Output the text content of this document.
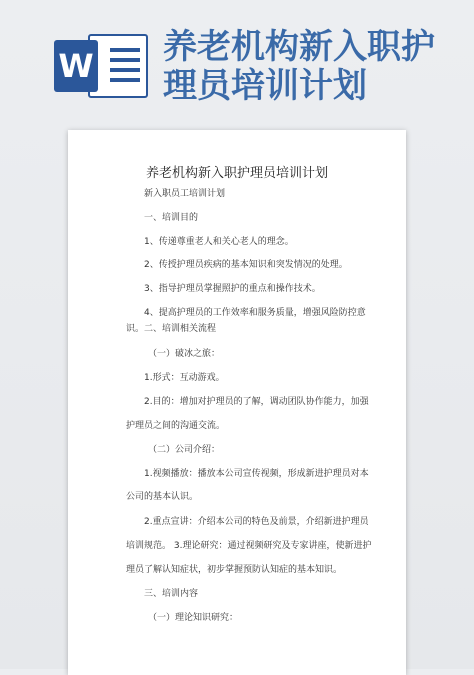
W 养老机构新入职护
理员培训计划
养老机构新入职护理员培训计划
新入职员工培训计划
一、培训目的
1、传递尊重老人和关心老人的理念。
2、传授护理员疾病的基本知识和突发情况的处理。
3、指导护理员掌握照护的重点和操作技术。
4、提高护理员的工作效率和服务质量，增强风险防控意
识。二、培训相关流程
（一）破冰之旅：
1.形式：互动游戏。
2.目的：增加对护理员的了解，调动团队协作能力，加强
护理员之间的沟通交流。
（二）公司介绍：
1.视频播放：播放本公司宣传视频，形成新进护理员对本
公司的基本认识。
2.重点宣讲：介绍本公司的特色及前景，介绍新进护理员
培训规范。 3.理论研究：通过视频研究及专家讲座，使新进护
理员了解认知症状，初步掌握预防认知症的基本知识。
三、培训内容
（一）理论知识研究：
